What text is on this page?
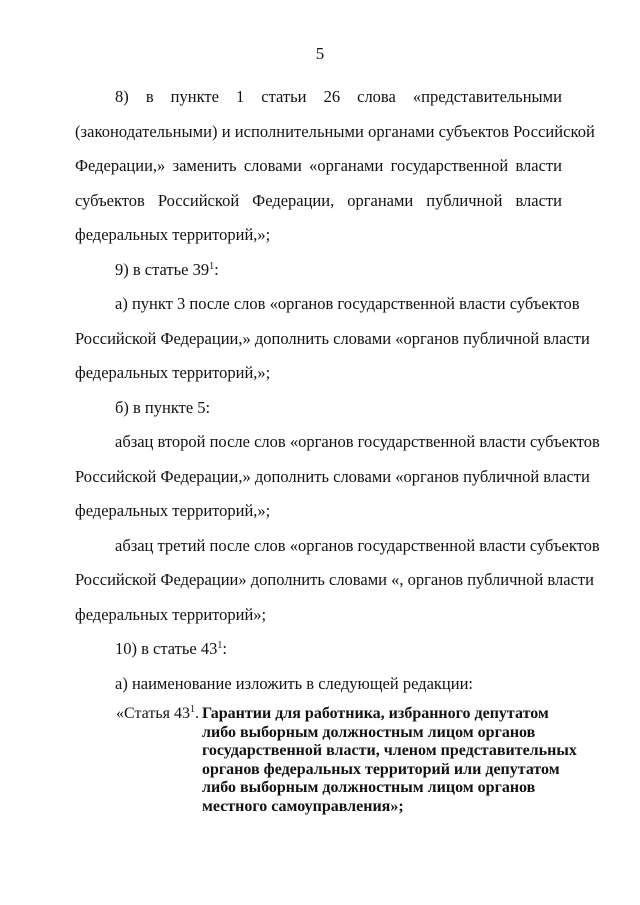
5
8) в пункте 1 статьи 26 слова «представительными
(законодательными) и исполнительными органами субъектов Российской
Федерации,» заменить словами «органами государственной власти
субъектов Российской Федерации, органами публичной власти
федеральных территорий,»;
9) в статье $39^1$:
а) пункт 3 после слов «органов государственной власти субъектов
Российской Федерации,» дополнить словами «органов публичной власти
федеральных территорий,»;
б) в пункте 5:
абзац второй после слов «органов государственной власти субъектов
Российской Федерации,» дополнить словами «органов публичной власти
федеральных территорий,»;
абзац третий после слов «органов государственной власти субъектов
Российской Федерации» дополнить словами «, органов публичной власти
федеральных территорий»;
10) в статье $43^1$:
а) наименование изложить в следующей редакции:
«Статья $43^1$. Гарантии для работника, избранного депутатом
либо выборным должностным лицом органов
государственной власти, членом представительных
органов федеральных территорий или депутатом
либо выборным должностным лицом органов
местного самоуправления»;
